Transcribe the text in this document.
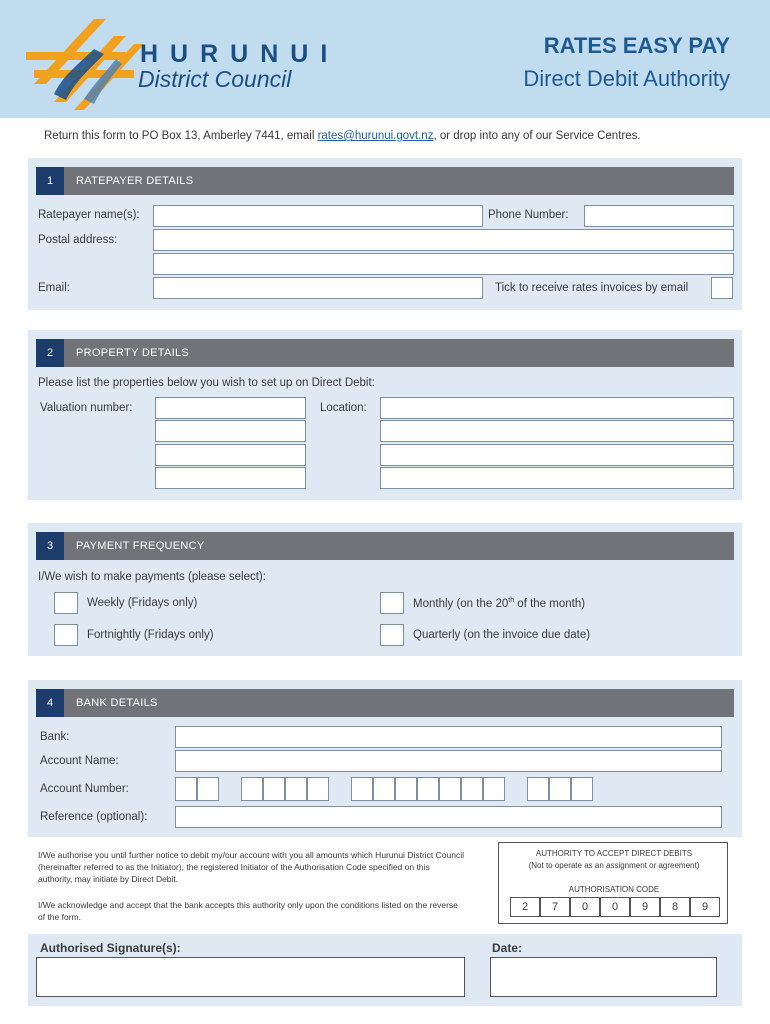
HURUNUI
District Council
RATES EASY PAY
Direct Debit Authority
Return this form to PO Box 13, Amberley 7441, email rates@hurunui.govt.nz, or drop into any of our Service Centres.
1	RATEPAYER DETAILS
Ratepayer name(s):	Phone Number:
Postal address:
Email:	Tick to receive rates invoices by email
2	PROPERTY DETAILS
Please list the properties below you wish to set up on Direct Debit:
Valuation number:	Location:
3	PAYMENT FREQUENCY
I/We wish to make payments (please select):
Weekly (Fridays only)
Fortnightly (Fridays only)
Monthly (on the 20th of the month)
Quarterly (on the invoice due date)
4	BANK DETAILS
Bank:
Account Name:
Account Number:
Reference (optional):
I/We authorise you until further notice to debit my/our account with you all amounts which Hurunui District Council (hereinafter referred to as the Initiator), the registered Initiator of the Authorisation Code specified on this authority, may initiate by Direct Debit.
I/We acknowledge and accept that the bank accepts this authority only upon the conditions listed on the reverse of the form.
AUTHORITY TO ACCEPT DIRECT DEBITS
(Not to operate as an assignment or agreement)
AUTHORISATION CODE
2	7	0	0	9	8	9
Authorised Signature(s):	Date:
